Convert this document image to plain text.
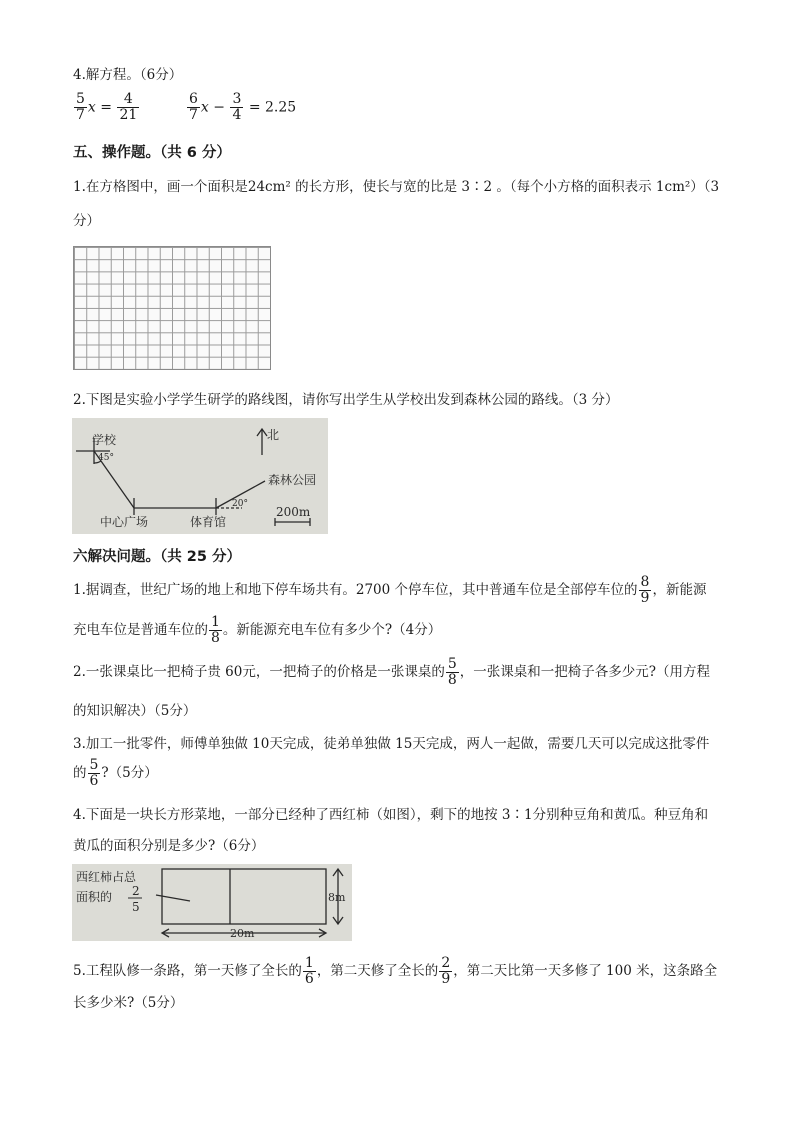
4.解方程。（6分）
$\frac{5}{7}$ $x = \frac{4}{21}$	$\frac{6}{7}$ $x - \frac{3}{4} = 2.25$
五、操作题。（共 6 分）
1.在方格图中，画一个面积是24cm² 的长方形，使长与宽的比是 3∶2 。（每个小方格的面积表示 1cm²）（3
分）
2.下图是实验小学学生研学的路线图，请你写出学生从学校出发到森林公园的路线。（3 分）
学校
45°
北
森林公园
20°
中心广场	体育馆
200m
六解决问题。（共 25 分）
1.据调查，世纪广场的地上和地下停车场共有。2700 个停车位，其中普通车位是全部停车位的 $\frac{8}{9}$ ，新能源
充电车位是普通车位的 $\frac{1}{8}$ 。新能源充电车位有多少个?（4分）
2.一张课桌比一把椅子贵 60元，一把椅子的价格是一张课桌的 $\frac{5}{8}$ ，一张课桌和一把椅子各多少元?（用方程
的知识解决）（5分）
3.加工一批零件，师傅单独做 10天完成，徒弟单独做 15天完成，两人一起做，需要几天可以完成这批零件
的 $\frac{5}{6}$ ?（5分）
4.下面是一块长方形菜地，一部分已经种了西红柿（如图），剩下的地按 3∶1分别种豆角和黄瓜。种豆角和
黄瓜的面积分别是多少?（6分）
西红柿占总
面积的 2
5
8m
20m
5.工程队修一条路，第一天修了全长的 $\frac{1}{6}$ ，第二天修了全长的 $\frac{2}{9}$ ，第二天比第一天多修了 100 米，这条路全
长多少米?（5分）
